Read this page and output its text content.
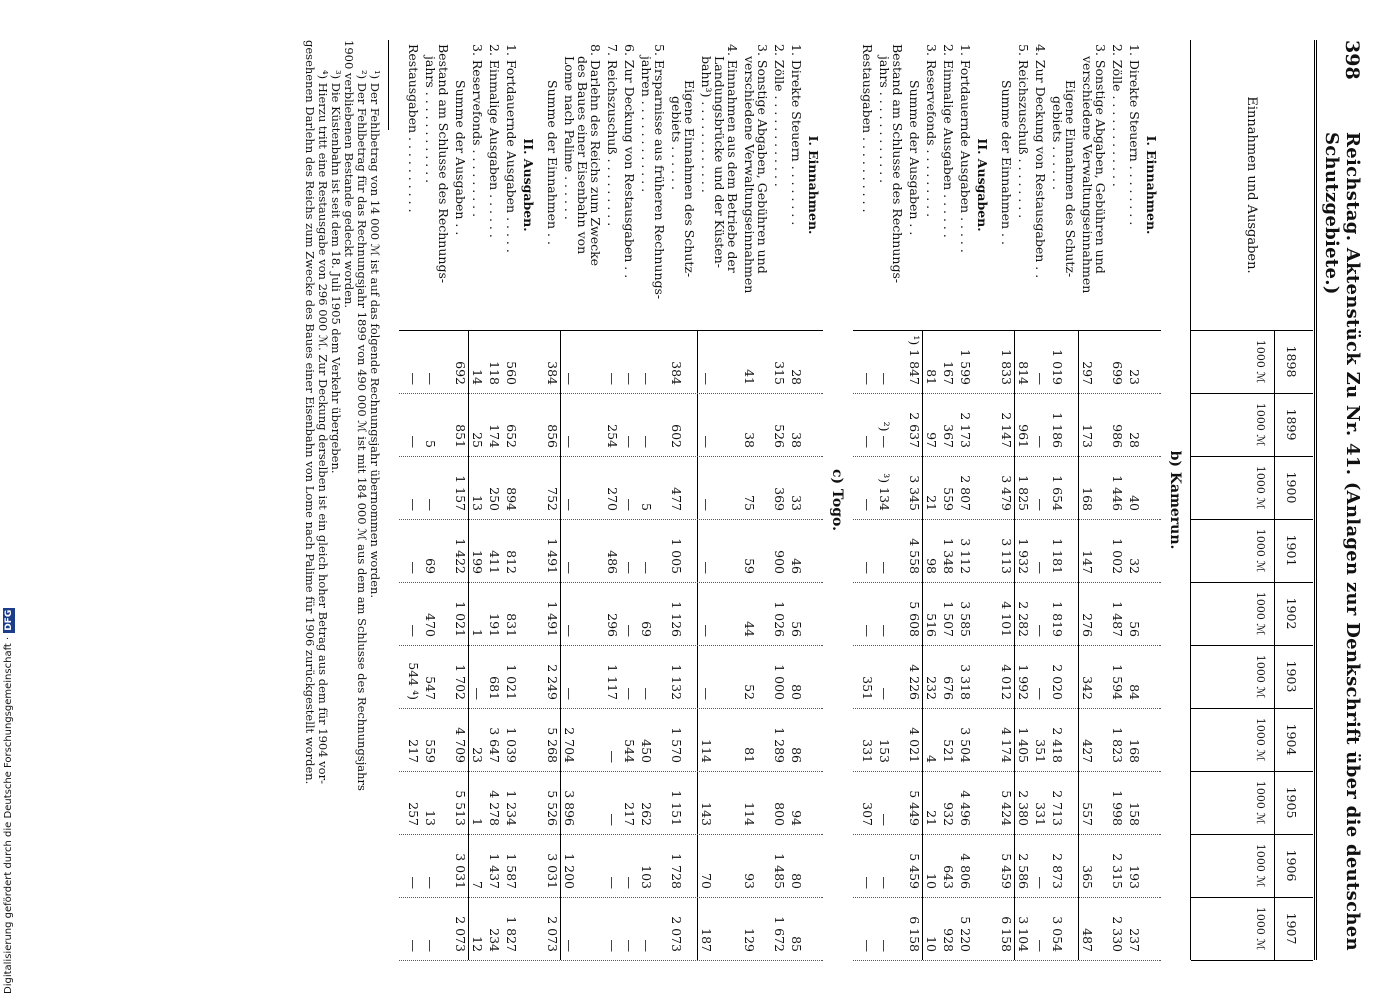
398
Reichstag. Aktenstück Zu Nr. 41. (Anlagen zur Denkschrift über die deutschen Schutzgebiete.)
Einnahmen und Ausgaben.
1898
1000 ℳ
1899
1000 ℳ
1900
1000 ℳ
1901
1000 ℳ
1902
1000 ℳ
1903
1000 ℳ
1904
1000 ℳ
1905
1000 ℳ
1906
1000 ℳ
1907
1000 ℳ
b) Kamerun.
I. Einnahmen.
1. Direkte Steuern . . . . . . . .
23
28
40
32
56
84
168
158
193
237
2. Zölle . . . . . . . . . . . .
699
986
1 446
1 002
1 487
1 594
1 823
1 998
2 315
2 330
3. Sonstige Abgaben, Gebühren und
verschiedene Verwaltungseinnahmen
297
173
168
147
276
342
427
557
365
487
Eigene Einnahmen des Schutz-
gebiets . . . . . .
1 019
1 186
1 654
1 181
1 819
2 020
2 418
2 713
2 873
3 054
4. Zur Deckung von Restausgaben . .
—
—
—
—
—
—
351
331
—
—
5. Reichszuschuß . . . . . . . .
814
961
1 825
1 932
2 282
1 992
1 405
2 380
2 586
3 104
Summe der Einnahmen . .
1 833
2 147
3 479
3 113
4 101
4 012
4 174
5 424
5 459
6 158
II. Ausgaben.
1. Fortdauernde Ausgaben . . . . .
1 599
2 173
2 807
3 112
3 585
3 318
3 504
4 496
4 806
5 220
2. Einmalige Ausgaben . . . . . .
167
367
559
1 348
1 507
676
521
932
643
928
3. Reservefonds . . . . . . . . .
81
97
21
98
516
232
4
21
10
10
Summe der Ausgaben . .
¹) 1 847
2 637
3 345
4 558
5 608
4 226
4 021
5 449
5 459
6 158
Bestand am Schlusse des Rechnungs-
jahrs . . . . . . . . . . . .
—
²) —
³) 134
—
—
—
153
—
—
—
Restausgaben . . . . . . . . . .
—
—
—
—
—
351
331
307
—
—
c) Togo.
I. Einnahmen.
1. Direkte Steuern . . . . . . . .
28
38
33
46
56
80
86
94
80
85
2. Zölle . . . . . . . . . . . .
315
526
369
900
1 026
1 000
1 289
800
1 485
1 672
3. Sonstige Abgaben, Gebühren und
verschiedene Verwaltungseinnahmen
41
38
75
59
44
52
81
114
93
129
4. Einnahmen aus dem Betriebe der
Landungsbrücke und der Küsten-
bahn³) . . . . . . . . . . . .
—
—
—
—
—
—
114
143
70
187
Eigene Einnahmen des Schutz-
gebiets . . . . . .
384
602
477
1 005
1 126
1 132
1 570
1 151
1 728
2 073
5. Ersparnisse aus früheren Rechnungs-
jahren . . . . . . . . . . . .
—
—
5
—
69
—
450
262
103
—
6. Zur Deckung von Restausgaben . .
—
—
—
—
—
—
544
217
—
—
7. Reichszuschuß . . . . . . . . .
—
254
270
486
296
1 117
—
—
—
—
8. Darlehn des Reichs zum Zwecke
des Baues einer Eisenbahn von
Lome nach Palime . . . . . .
—
—
—
—
—
—
2 704
3 896
1 200
—
Summe der Einnahmen . .
384
856
752
1 491
1 491
2 249
5 268
5 526
3 031
2 073
II. Ausgaben.
1. Fortdauernde Ausgaben . . . . .
560
652
894
812
831
1 021
1 039
1 234
1 587
1 827
2. Einmalige Ausgaben . . . . . .
118
174
250
411
191
681
3 647
4 278
1 437
234
3. Reservefonds . . . . . . . . .
14
25
13
199
1
—
23
1
7
12
Summe der Ausgaben . .
692
851
1 157
1 422
1 021
1 702
4 709
5 513
3 031
2 073
Bestand am Schlusse des Rechnungs-
jahrs . . . . . . . . . . . .
—
5
—
69
470
547
559
13
—
—
Restausgaben . . . . . . . . . .
—
—
—
—
—
544 ⁴)
217
257
—
—
¹) Der Fehlbetrag von 14 000 ℳ ist auf das folgende Rechnungsjahr übernommen worden.
²) Der Fehlbetrag für das Rechnungsjahr 1899 von 490 000 ℳ ist mit 184 000 ℳ aus dem am Schlusse des Rechnungsjahrs
1900 verbliebenen Bestande gedeckt worden.
³) Die Küstenbahn ist seit dem 18. Juli 1905 dem Verkehr übergeben.
⁴) Hierzu tritt eine Restausgabe von 296 000 ℳ. Zur Deckung derselben ist ein gleich hoher Betrag aus dem für 1904 vor-
gesehenen Darlehn des Reichs zum Zwecke des Baues einer Eisenbahn von Lome nach Palime für 1906 zurückgestellt worden.
Digitalisierung gefördert durch die Deutsche Forschungsgemeinschaft ·DFG
